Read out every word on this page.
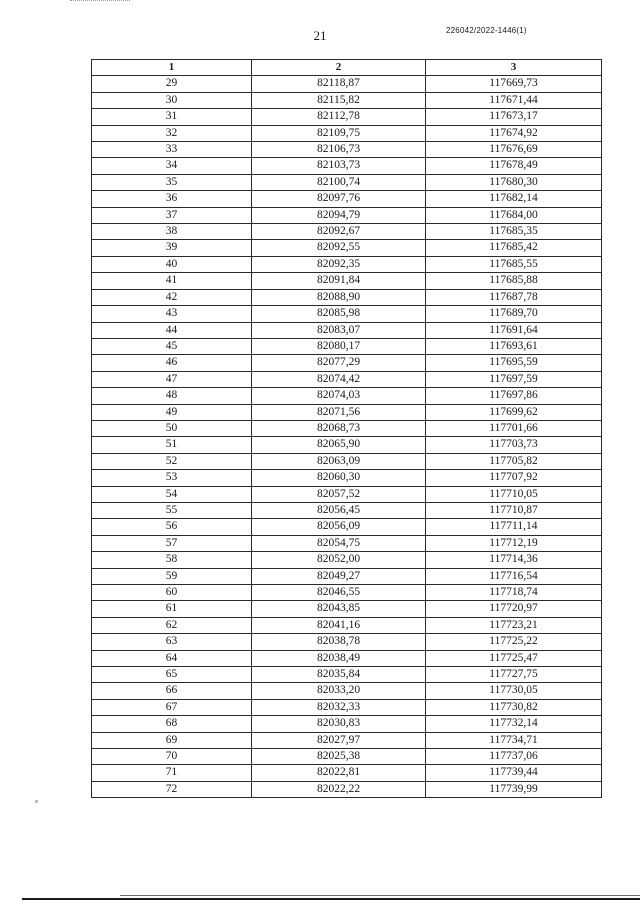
21	226042/2022-1446(1)
1	2	3
29	82118,87	117669,73
30	82115,82	117671,44
31	82112,78	117673,17
32	82109,75	117674,92
33	82106,73	117676,69
34	82103,73	117678,49
35	82100,74	117680,30
36	82097,76	117682,14
37	82094,79	117684,00
38	82092,67	117685,35
39	82092,55	117685,42
40	82092,35	117685,55
41	82091,84	117685,88
42	82088,90	117687,78
43	82085,98	117689,70
44	82083,07	117691,64
45	82080,17	117693,61
46	82077,29	117695,59
47	82074,42	117697,59
48	82074,03	117697,86
49	82071,56	117699,62
50	82068,73	117701,66
51	82065,90	117703,73
52	82063,09	117705,82
53	82060,30	117707,92
54	82057,52	117710,05
55	82056,45	117710,87
56	82056,09	117711,14
57	82054,75	117712,19
58	82052,00	117714,36
59	82049,27	117716,54
60	82046,55	117718,74
61	82043,85	117720,97
62	82041,16	117723,21
63	82038,78	117725,22
64	82038,49	117725,47
65	82035,84	117727,75
66	82033,20	117730,05
67	82032,33	117730,82
68	82030,83	117732,14
69	82027,97	117734,71
70	82025,38	117737,06
71	82022,81	117739,44
72	82022,22	117739,99
